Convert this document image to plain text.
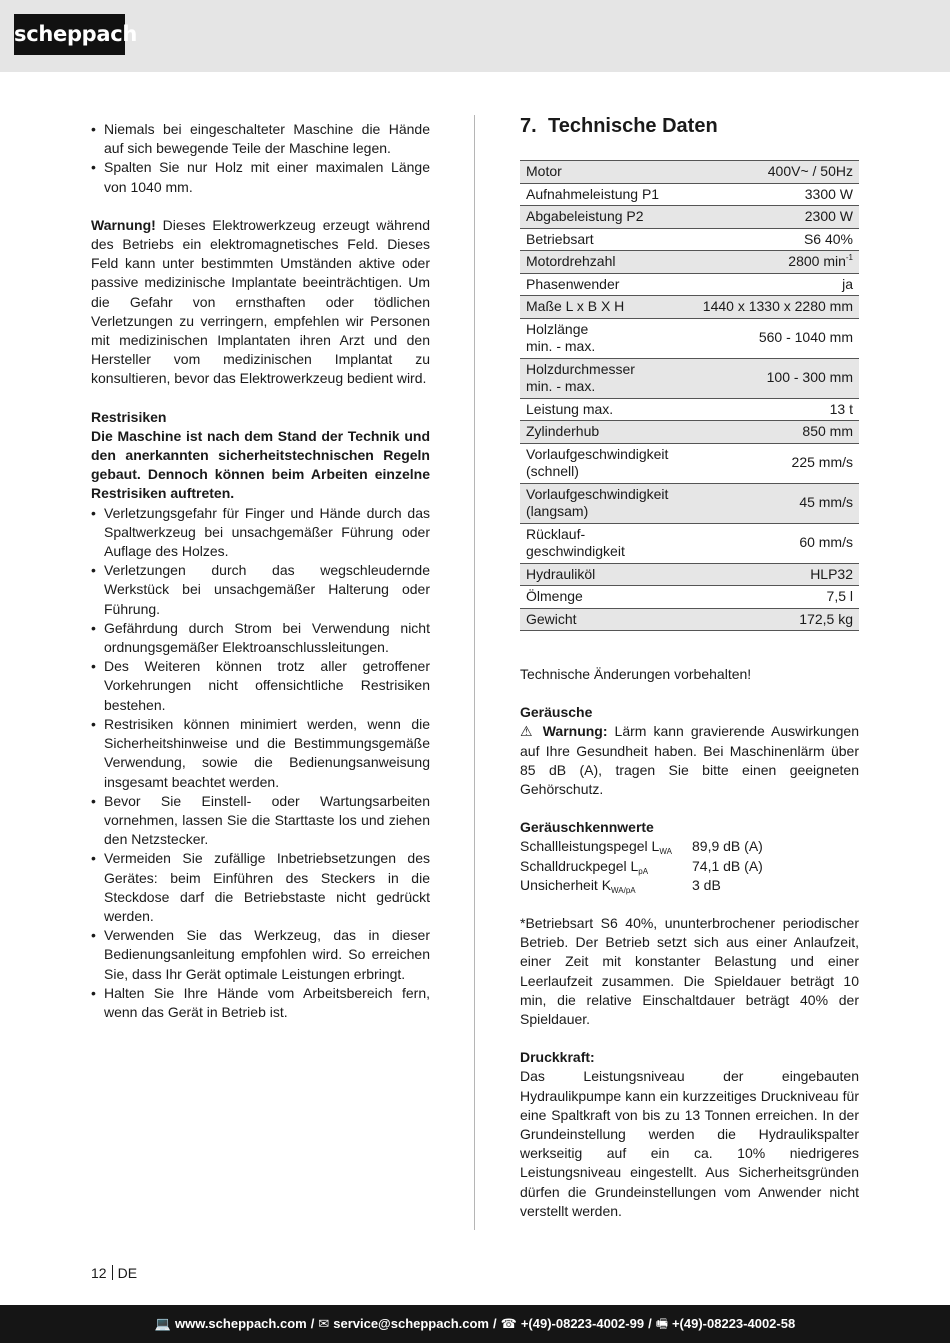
scheppach
• Niemals bei eingeschalteter Maschine die Hände auf sich bewegende Teile der Maschine legen.
• Spalten Sie nur Holz mit einer maximalen Länge von 1040 mm.

Warnung! Dieses Elektrowerkzeug erzeugt während des Betriebs ein elektromagnetisches Feld. Dieses Feld kann unter bestimmten Umständen aktive oder passive medizinische Implantate beeinträchtigen. Um die Gefahr von ernsthaften oder tödlichen Verletzungen zu verringern, empfehlen wir Personen mit medizinischen Implantaten ihren Arzt und den Hersteller vom medizinischen Implantat zu konsultieren, bevor das Elektrowerkzeug bedient wird.

Restrisiken

Die Maschine ist nach dem Stand der Technik und den anerkannten sicherheitstechnischen Regeln gebaut. Dennoch können beim Arbeiten einzelne Restrisiken auftreten.

• Verletzungsgefahr für Finger und Hände durch das Spaltwerkzeug bei unsachgemäßer Führung oder Auflage des Holzes.
• Verletzungen durch das wegschleudernde Werkstück bei unsachgemäßer Halterung oder Führung.
• Gefährdung durch Strom bei Verwendung nicht ordnungsgemäßer Elektroanschlussleitungen.
• Des Weiteren können trotz aller getroffener Vorkehrungen nicht offensichtliche Restrisiken bestehen.
• Restrisiken können minimiert werden, wenn die Sicherheitshinweise und die Bestimmungsgemäße Verwendung, sowie die Bedienungsanweisung insgesamt beachtet werden.
• Bevor Sie Einstell- oder Wartungsarbeiten vornehmen, lassen Sie die Starttaste los und ziehen den Netzstecker.
• Vermeiden Sie zufällige Inbetriebsetzungen des Gerätes: beim Einführen des Steckers in die Steckdose darf die Betriebstaste nicht gedrückt werden.
• Verwenden Sie das Werkzeug, das in dieser Bedienungsanleitung empfohlen wird. So erreichen Sie, dass Ihr Gerät optimale Leistungen erbringt.
• Halten Sie Ihre Hände vom Arbeitsbereich fern, wenn das Gerät in Betrieb ist.
7. Technische Daten
Motor	400V~ / 50Hz
Aufnahmeleistung P1	3300 W
Abgabeleistung P2	2300 W
Betriebsart	S6 40%
Motordrehzahl	2800 $\min^{-1}$
Phasenwender	ja
Maße L x B X H	1440 x 1330 x 2280 mm
Holzlänge
min. - max.	560 - 1040 mm
Holzdurchmesser
min. - max.	100 - 300 mm
Leistung max.	13 t
Zylinderhub	850 mm
Vorlaufgeschwindigkeit
(schnell)	225 mm/s
Vorlaufgeschwindigkeit
(langsam)	45 mm/s
Rücklauf-
geschwindigkeit	60 mm/s
Hydrauliköl	HLP32
Ölmenge	7,5 l
Gewicht	172,5 kg

Technische Änderungen vorbehalten!

Geräusche

⚠ Warnung: Lärm kann gravierende Auswirkungen auf Ihre Gesundheit haben. Bei Maschinenlärm über 85 dB (A), tragen Sie bitte einen geeigneten Gehörschutz.

Geräuschkennwerte

Schallleistungspegel $L_{WA}$	89,9 dB (A)
Schalldruckpegel $L_{pA}$	74,1 dB (A)
Unsicherheit $K_{WA/pA}$	3 dB

*Betriebsart S6 40%, ununterbrochener periodischer Betrieb. Der Betrieb setzt sich aus einer Anlaufzeit, einer Zeit mit konstanter Belastung und einer Leerlaufzeit zusammen. Die Spieldauer beträgt 10 min, die relative Einschaltdauer beträgt 40% der Spieldauer.

Druckkraft:

Das Leistungsniveau der eingebauten Hydraulikpumpe kann ein kurzzeitiges Druckniveau für eine Spaltkraft von bis zu 13 Tonnen erreichen. In der Grundeinstellung werden die Hydraulikspalter werkseitig auf ein ca. 10% niedrigeres Leistungsniveau eingestellt. Aus Sicherheitsgründen dürfen die Grundeinstellungen vom Anwender nicht verstellt werden.

12 DE
💻 www.scheppach.com / ✉ service@scheppach.com / ☎ +(49)-08223-4002-99 / 🖷 +(49)-08223-4002-58
